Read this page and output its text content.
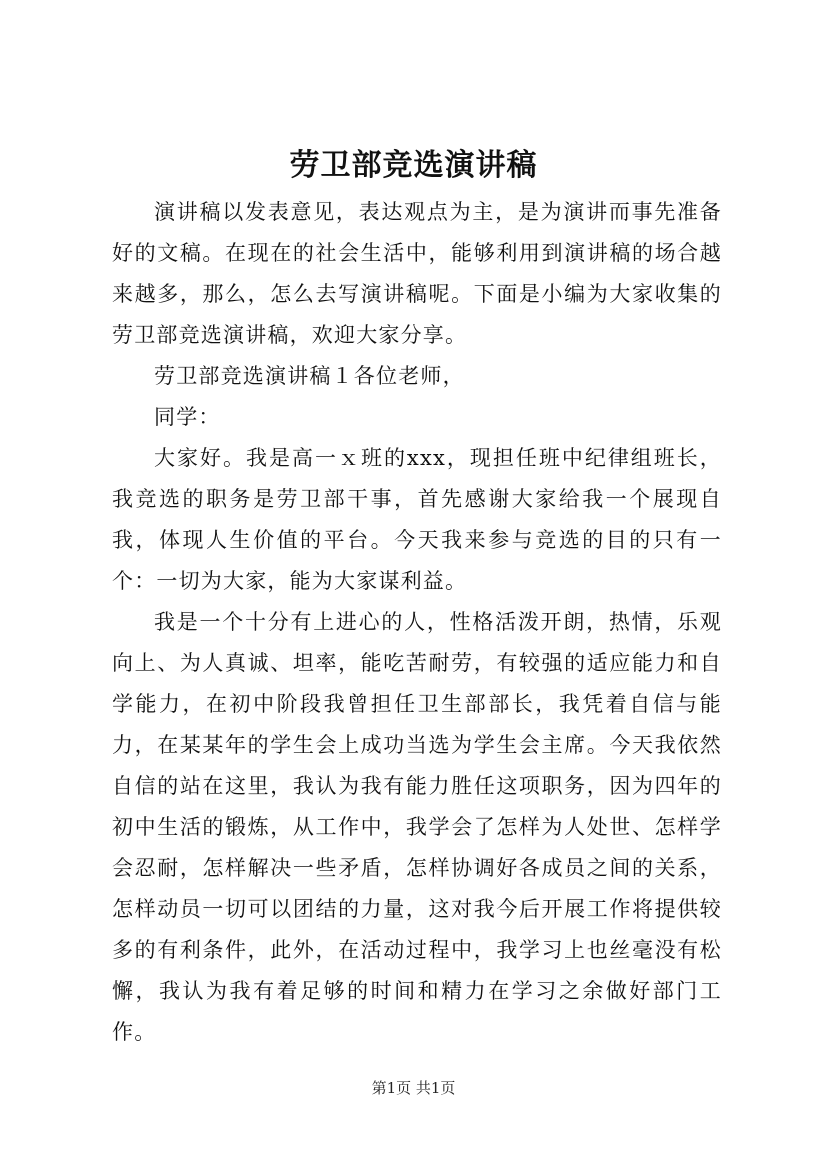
劳卫部竞选演讲稿

演讲稿以发表意见，表达观点为主，是为演讲而事先准备好的文稿。在现在的社会生活中，能够利用到演讲稿的场合越来越多，那么，怎么去写演讲稿呢。下面是小编为大家收集的劳卫部竞选演讲稿，欢迎大家分享。

劳卫部竞选演讲稿１各位老师，

同学：

大家好。我是高一ｘ班的xxx，现担任班中纪律组班长，我竞选的职务是劳卫部干事，首先感谢大家给我一个展现自我，体现人生价值的平台。今天我来参与竞选的目的只有一个：一切为大家，能为大家谋利益。

我是一个十分有上进心的人，性格活泼开朗，热情，乐观向上、为人真诚、坦率，能吃苦耐劳，有较强的适应能力和自学能力，在初中阶段我曾担任卫生部部长，我凭着自信与能力，在某某年的学生会上成功当选为学生会主席。今天我依然自信的站在这里，我认为我有能力胜任这项职务，因为四年的初中生活的锻炼，从工作中，我学会了怎样为人处世、怎样学会忍耐，怎样解决一些矛盾，怎样协调好各成员之间的关系，怎样动员一切可以团结的力量，这对我今后开展工作将提供较多的有利条件，此外，在活动过程中，我学习上也丝毫没有松懈，我认为我有着足够的时间和精力在学习之余做好部门工作。

第1页 共1页
